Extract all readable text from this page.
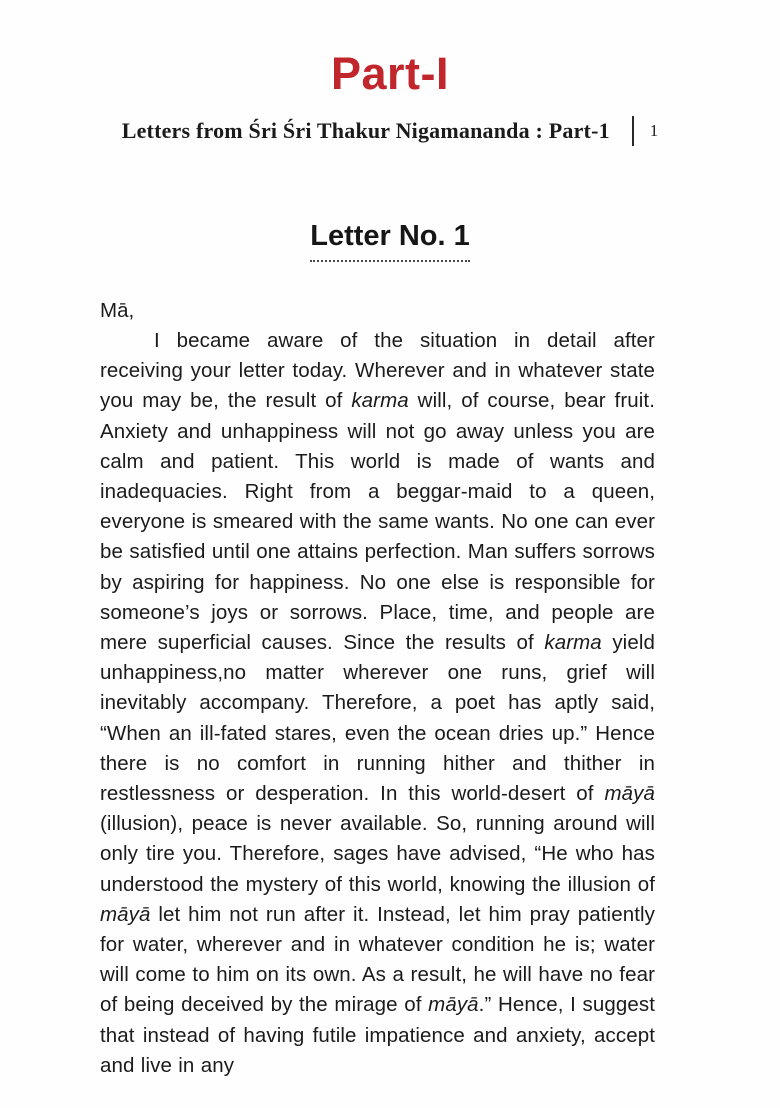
Part-I
Letters from Śri Śri Thakur Nigamananda : Part-1 1
Letter No. 1
Mā,

I became aware of the situation in detail after receiving your letter today. Wherever and in whatever state you may be, the result of karma will, of course, bear fruit. Anxiety and unhappiness will not go away unless you are calm and patient. This world is made of wants and inadequacies. Right from a beggar-maid to a queen, everyone is smeared with the same wants. No one can ever be satisfied until one attains perfection. Man suffers sorrows by aspiring for happiness. No one else is responsible for someone’s joys or sorrows. Place, time, and people are mere superficial causes. Since the results of karma yield unhappiness,no matter wherever one runs, grief will inevitably accompany. Therefore, a poet has aptly said, “When an ill-fated stares, even the ocean dries up.” Hence there is no comfort in running hither and thither in restlessness or desperation. In this world-desert of māyā (illusion), peace is never available. So, running around will only tire you. Therefore, sages have advised, “He who has understood the mystery of this world, knowing the illusion of māyā let him not run after it. Instead, let him pray patiently for water, wherever and in whatever condition he is; water will come to him on its own. As a result, he will have no fear of being deceived by the mirage of māyā.” Hence, I suggest that instead of having futile impatience and anxiety, accept and live in any
